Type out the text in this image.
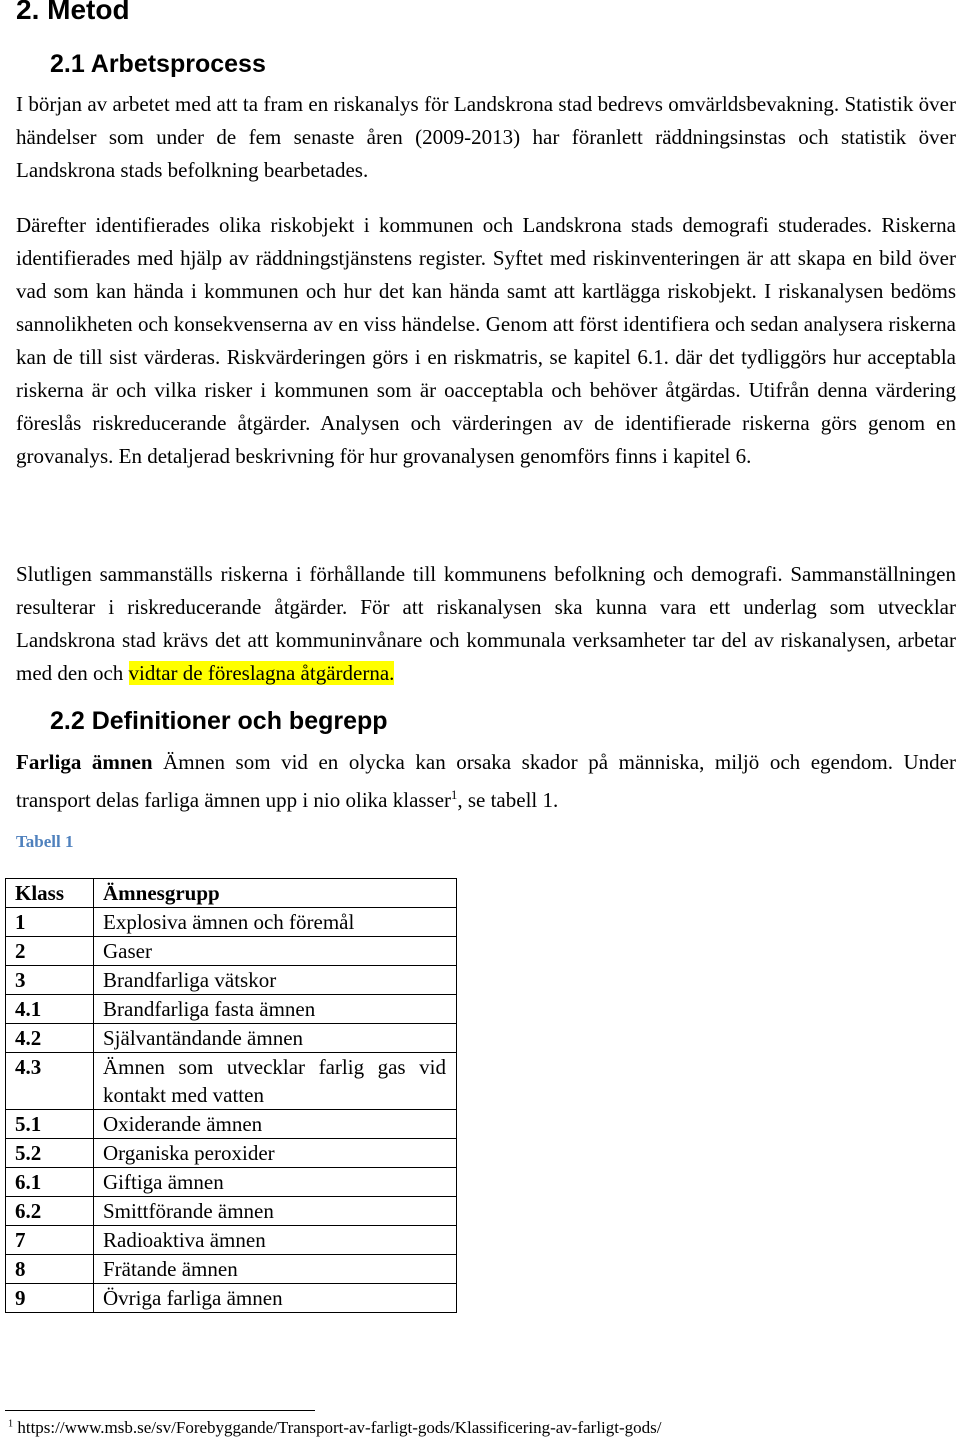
2. Metod
2.1 Arbetsprocess
I början av arbetet med att ta fram en riskanalys för Landskrona stad bedrevs omvärldsbevakning. Statistik över händelser som under de fem senaste åren (2009-2013) har föranlett räddningsinstas och statistik över Landskrona stads befolkning bearbetades.
Därefter identifierades olika riskobjekt i kommunen och Landskrona stads demografi studerades. Riskerna identifierades med hjälp av räddningstjänstens register. Syftet med riskinventeringen är att skapa en bild över vad som kan hända i kommunen och hur det kan hända samt att kartlägga riskobjekt. I riskanalysen bedöms sannolikheten och konsekvenserna av en viss händelse. Genom att först identifiera och sedan analysera riskerna kan de till sist värderas. Riskvärderingen görs i en riskmatris, se kapitel 6.1. där det tydliggörs hur acceptabla riskerna är och vilka risker i kommunen som är oacceptabla och behöver åtgärdas. Utifrån denna värdering föreslås riskreducerande åtgärder. Analysen och värderingen av de identifierade riskerna görs genom en grovanalys. En detaljerad beskrivning för hur grovanalysen genomförs finns i kapitel 6.
Slutligen sammanställs riskerna i förhållande till kommunens befolkning och demografi. Sammanställningen resulterar i riskreducerande åtgärder. För att riskanalysen ska kunna vara ett underlag som utvecklar Landskrona stad krävs det att kommuninvånare och kommunala verksamheter tar del av riskanalysen, arbetar med den och vidtar de föreslagna åtgärderna.
2.2 Definitioner och begrepp
Farliga ämnen Ämnen som vid en olycka kan orsaka skador på människa, miljö och egendom. Under transport delas farliga ämnen upp i nio olika klasser$^1$, se tabell 1.
Tabell 1
Klass	Ämnesgrupp
1	Explosiva ämnen och föremål
2	Gaser
3	Brandfarliga vätskor
4.1	Brandfarliga fasta ämnen
4.2	Självantändande ämnen
4.3	Ämnen som utvecklar farlig gas vid kontakt med vatten
5.1	Oxiderande ämnen
5.2	Organiska peroxider
6.1	Giftiga ämnen
6.2	Smittförande ämnen
7	Radioaktiva ämnen
8	Frätande ämnen
9	Övriga farliga ämnen
$^1$ https://www.msb.se/sv/Forebyggande/Transport-av-farligt-gods/Klassificering-av-farligt-gods/
